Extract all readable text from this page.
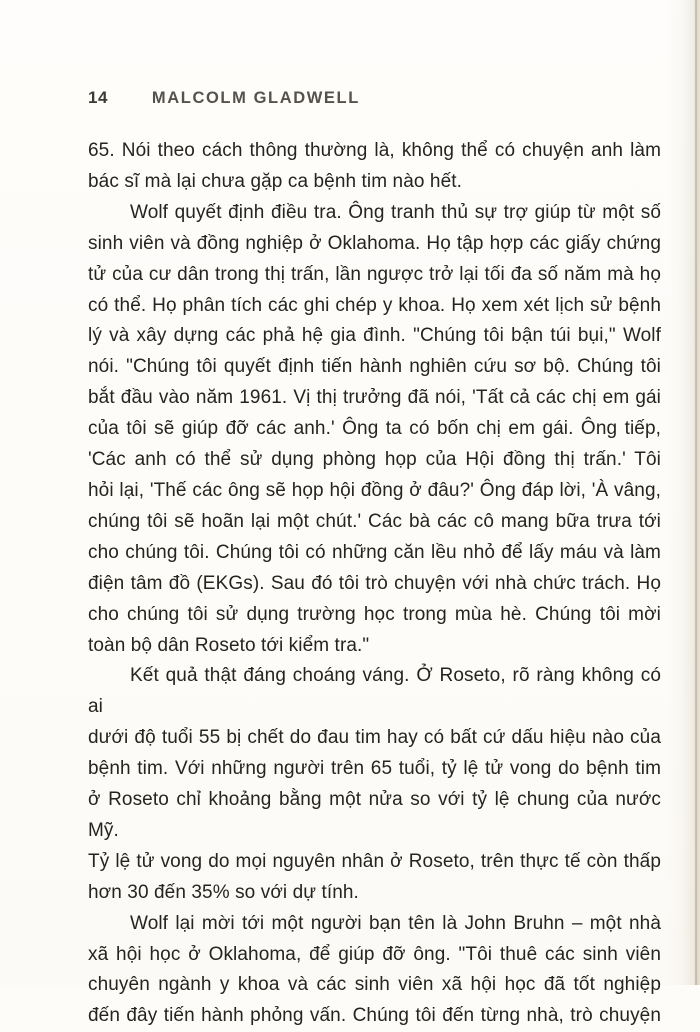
14	MALCOLM GLADWELL
65. Nói theo cách thông thường là, không thể có chuyện anh làm
bác sĩ mà lại chưa gặp ca bệnh tim nào hết.
Wolf quyết định điều tra. Ông tranh thủ sự trợ giúp từ một số
sinh viên và đồng nghiệp ở Oklahoma. Họ tập hợp các giấy chứng
tử của cư dân trong thị trấn, lần ngược trở lại tối đa số năm mà họ
có thể. Họ phân tích các ghi chép y khoa. Họ xem xét lịch sử bệnh
lý và xây dựng các phả hệ gia đình. "Chúng tôi bận túi bụi," Wolf
nói. "Chúng tôi quyết định tiến hành nghiên cứu sơ bộ. Chúng tôi
bắt đầu vào năm 1961. Vị thị trưởng đã nói, 'Tất cả các chị em gái
của tôi sẽ giúp đỡ các anh.' Ông ta có bốn chị em gái. Ông tiếp,
'Các anh có thể sử dụng phòng họp của Hội đồng thị trấn.' Tôi
hỏi lại, 'Thế các ông sẽ họp hội đồng ở đâu?' Ông đáp lời, 'À vâng,
chúng tôi sẽ hoãn lại một chút.' Các bà các cô mang bữa trưa tới
cho chúng tôi. Chúng tôi có những căn lều nhỏ để lấy máu và làm
điện tâm đồ (EKGs). Sau đó tôi trò chuyện với nhà chức trách. Họ
cho chúng tôi sử dụng trường học trong mùa hè. Chúng tôi mời
toàn bộ dân Roseto tới kiểm tra."
Kết quả thật đáng choáng váng. Ở Roseto, rõ ràng không có ai
dưới độ tuổi 55 bị chết do đau tim hay có bất cứ dấu hiệu nào của
bệnh tim. Với những người trên 65 tuổi, tỷ lệ tử vong do bệnh tim
ở Roseto chỉ khoảng bằng một nửa so với tỷ lệ chung của nước Mỹ.
Tỷ lệ tử vong do mọi nguyên nhân ở Roseto, trên thực tế còn thấp
hơn 30 đến 35% so với dự tính.
Wolf lại mời tới một người bạn tên là John Bruhn – một nhà
xã hội học ở Oklahoma, để giúp đỡ ông. "Tôi thuê các sinh viên
chuyên ngành y khoa và các sinh viên xã hội học đã tốt nghiệp
đến đây tiến hành phỏng vấn. Chúng tôi đến từng nhà, trò chuyện
